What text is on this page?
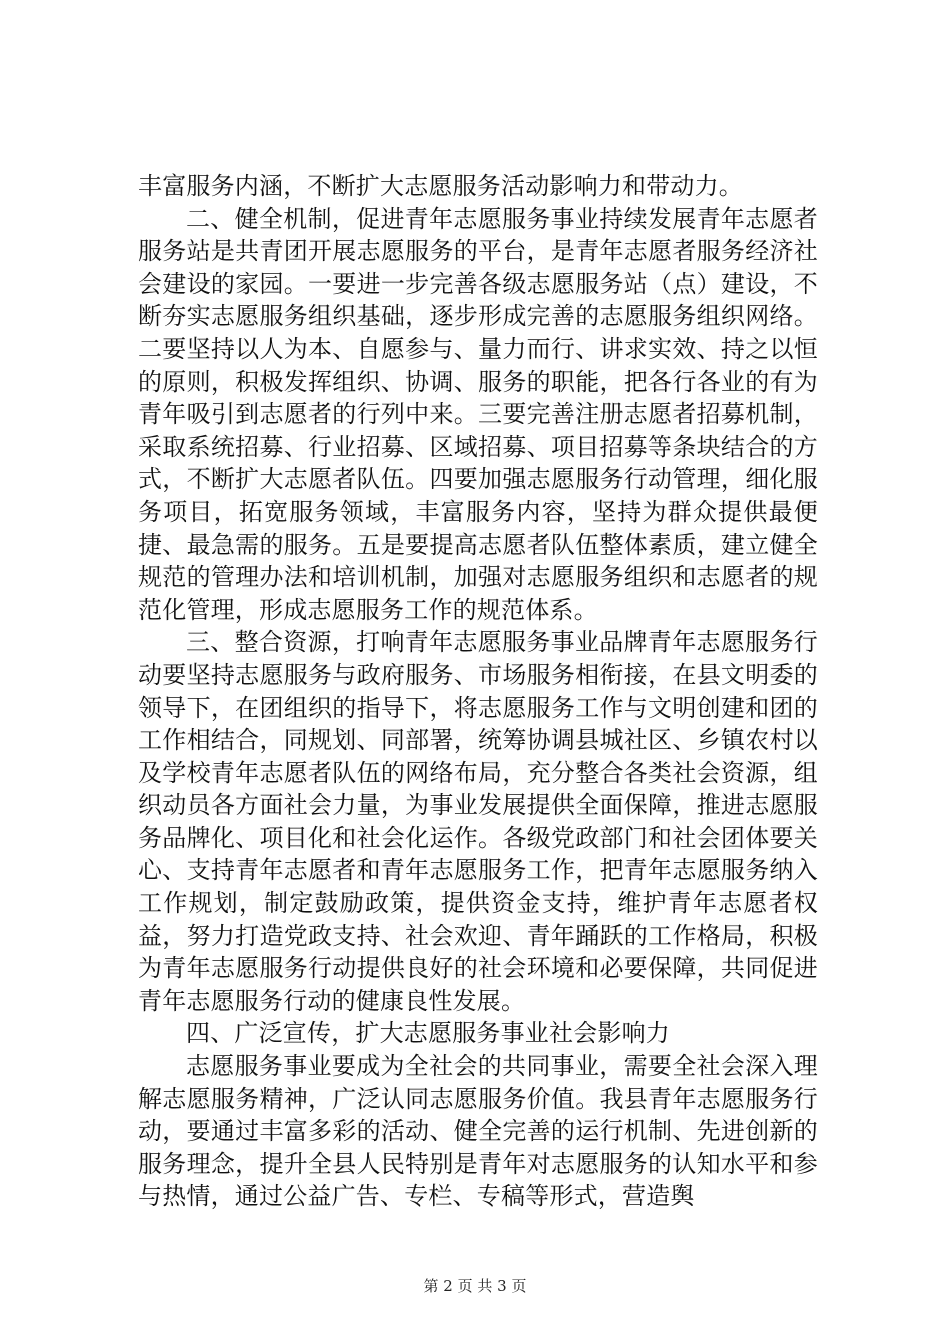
丰富服务内涵，不断扩大志愿服务活动影响力和带动力。

二、健全机制，促进青年志愿服务事业持续发展青年志愿者服务站是共青团开展志愿服务的平台，是青年志愿者服务经济社会建设的家园。一要进一步完善各级志愿服务站（点）建设，不断夯实志愿服务组织基础，逐步形成完善的志愿服务组织网络。二要坚持以人为本、自愿参与、量力而行、讲求实效、持之以恒的原则，积极发挥组织、协调、服务的职能，把各行各业的有为青年吸引到志愿者的行列中来。三要完善注册志愿者招募机制，采取系统招募、行业招募、区域招募、项目招募等条块结合的方式，不断扩大志愿者队伍。四要加强志愿服务行动管理，细化服务项目，拓宽服务领域，丰富服务内容，坚持为群众提供最便捷、最急需的服务。五是要提高志愿者队伍整体素质，建立健全规范的管理办法和培训机制，加强对志愿服务组织和志愿者的规范化管理，形成志愿服务工作的规范体系。

三、整合资源，打响青年志愿服务事业品牌青年志愿服务行动要坚持志愿服务与政府服务、市场服务相衔接，在县文明委的领导下，在团组织的指导下，将志愿服务工作与文明创建和团的工作相结合，同规划、同部署，统筹协调县城社区、乡镇农村以及学校青年志愿者队伍的网络布局，充分整合各类社会资源，组织动员各方面社会力量，为事业发展提供全面保障，推进志愿服务品牌化、项目化和社会化运作。各级党政部门和社会团体要关心、支持青年志愿者和青年志愿服务工作，把青年志愿服务纳入工作规划，制定鼓励政策，提供资金支持，维护青年志愿者权益，努力打造党政支持、社会欢迎、青年踊跃的工作格局，积极为青年志愿服务行动提供良好的社会环境和必要保障，共同促进青年志愿服务行动的健康良性发展。

四、广泛宣传，扩大志愿服务事业社会影响力

志愿服务事业要成为全社会的共同事业，需要全社会深入理解志愿服务精神，广泛认同志愿服务价值。我县青年志愿服务行动，要通过丰富多彩的活动、健全完善的运行机制、先进创新的服务理念，提升全县人民特别是青年对志愿服务的认知水平和参与热情，通过公益广告、专栏、专稿等形式，营造舆

第 2 页 共 3 页
